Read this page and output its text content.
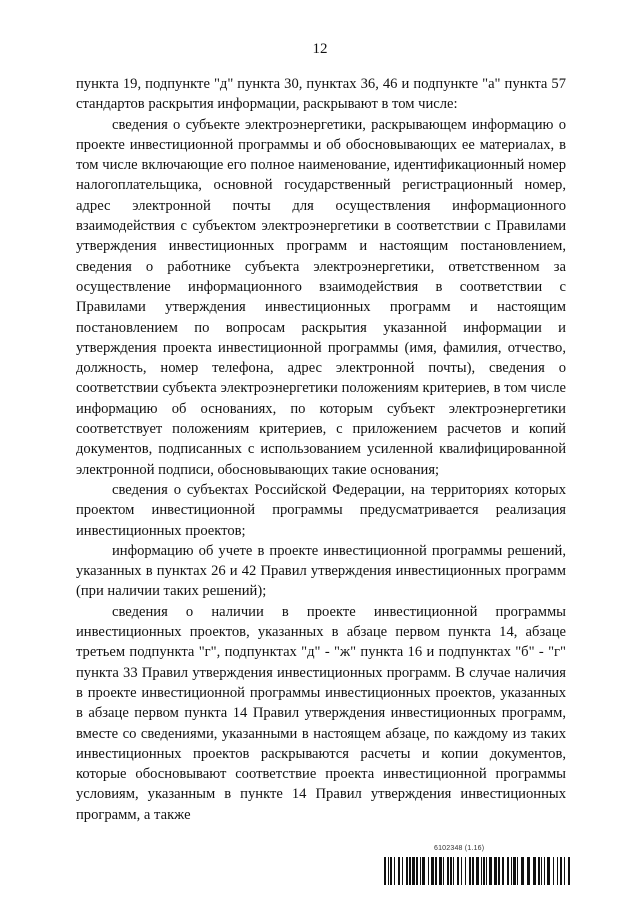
12

пункта 19, подпункте "д" пункта 30, пунктах 36, 46 и подпункте "а" пункта 57 стандартов раскрытия информации, раскрывают в том числе:

сведения о субъекте электроэнергетики, раскрывающем информацию о проекте инвестиционной программы и об обосновывающих ее материалах, в том числе включающие его полное наименование, идентификационный номер налогоплательщика, основной государственный регистрационный номер, адрес электронной почты для осуществления информационного взаимодействия с субъектом электроэнергетики в соответствии с Правилами утверждения инвестиционных программ и настоящим постановлением, сведения о работнике субъекта электроэнергетики, ответственном за осуществление информационного взаимодействия в соответствии с Правилами утверждения инвестиционных программ и настоящим постановлением по вопросам раскрытия указанной информации и утверждения проекта инвестиционной программы (имя, фамилия, отчество, должность, номер телефона, адрес электронной почты), сведения о соответствии субъекта электроэнергетики положениям критериев, в том числе информацию об основаниях, по которым субъект электроэнергетики соответствует положениям критериев, с приложением расчетов и копий документов, подписанных с использованием усиленной квалифицированной электронной подписи, обосновывающих такие основания;

сведения о субъектах Российской Федерации, на территориях которых проектом инвестиционной программы предусматривается реализация инвестиционных проектов;

информацию об учете в проекте инвестиционной программы решений, указанных в пунктах 26 и 42 Правил утверждения инвестиционных программ (при наличии таких решений);

сведения о наличии в проекте инвестиционной программы инвестиционных проектов, указанных в абзаце первом пункта 14, абзаце третьем подпункта "г", подпунктах "д" - "ж" пункта 16 и подпунктах "б" - "г" пункта 33 Правил утверждения инвестиционных программ. В случае наличия в проекте инвестиционной программы инвестиционных проектов, указанных в абзаце первом пункта 14 Правил утверждения инвестиционных программ, вместе со сведениями, указанными в настоящем абзаце, по каждому из таких инвестиционных проектов раскрываются расчеты и копии документов, которые обосновывают соответствие проекта инвестиционной программы условиям, указанным в пункте 14 Правил утверждения инвестиционных программ, а также

6102348 (1.16)
